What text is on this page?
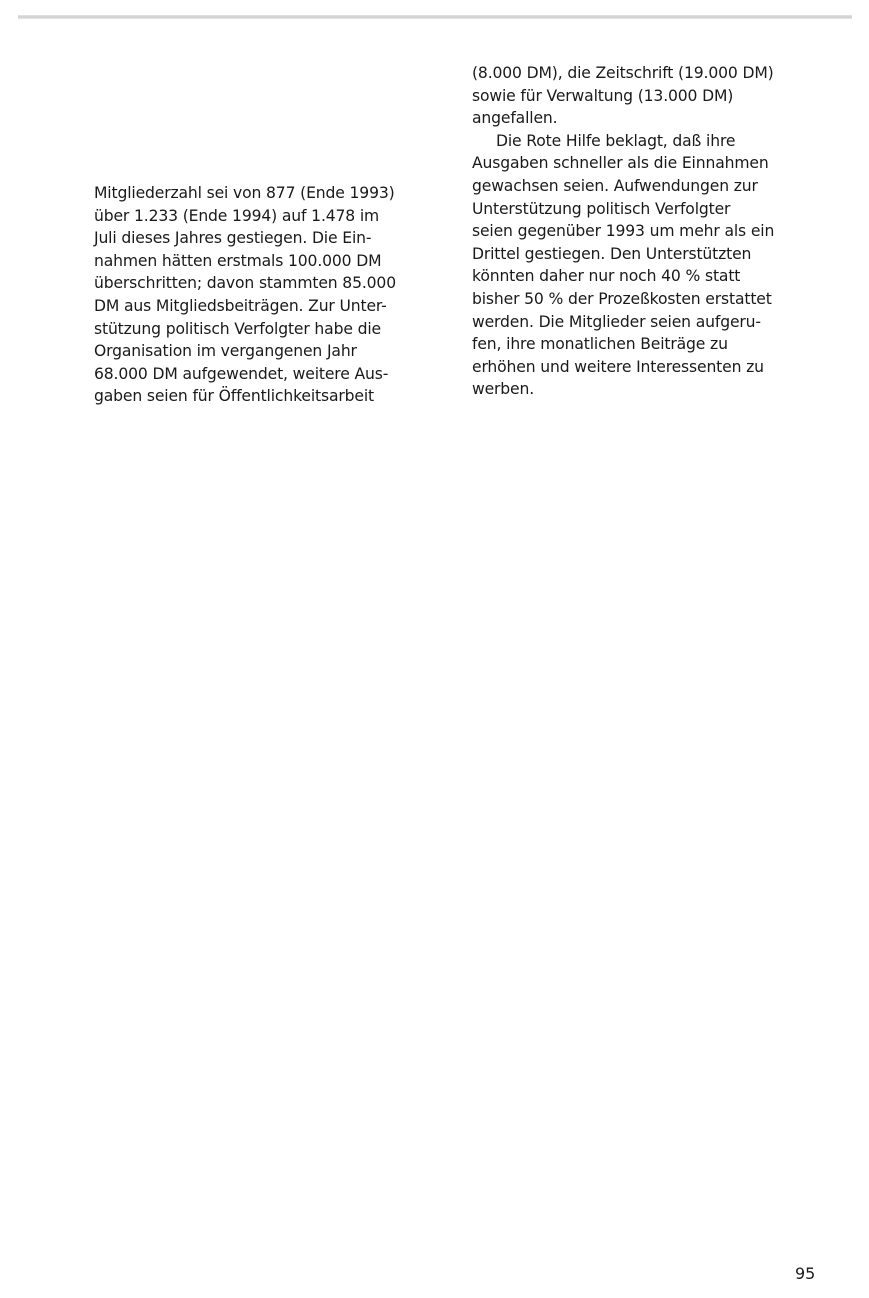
Mitgliederzahl sei von 877 (Ende 1993)
über 1.233 (Ende 1994) auf 1.478 im
Juli dieses Jahres gestiegen. Die Ein-
nahmen hätten erstmals 100.000 DM
überschritten; davon stammten 85.000
DM aus Mitgliedsbeiträgen. Zur Unter-
stützung politisch Verfolgter habe die
Organisation im vergangenen Jahr
68.000 DM aufgewendet, weitere Aus-
gaben seien für Öffentlichkeitsarbeit
(8.000 DM), die Zeitschrift (19.000 DM)
sowie für Verwaltung (13.000 DM)
angefallen.
Die Rote Hilfe beklagt, daß ihre
Ausgaben schneller als die Einnahmen
gewachsen seien. Aufwendungen zur
Unterstützung politisch Verfolgter
seien gegenüber 1993 um mehr als ein
Drittel gestiegen. Den Unterstützten
könnten daher nur noch 40 % statt
bisher 50 % der Prozeßkosten erstattet
werden. Die Mitglieder seien aufgeru-
fen, ihre monatlichen Beiträge zu
erhöhen und weitere Interessenten zu
werben.
95
